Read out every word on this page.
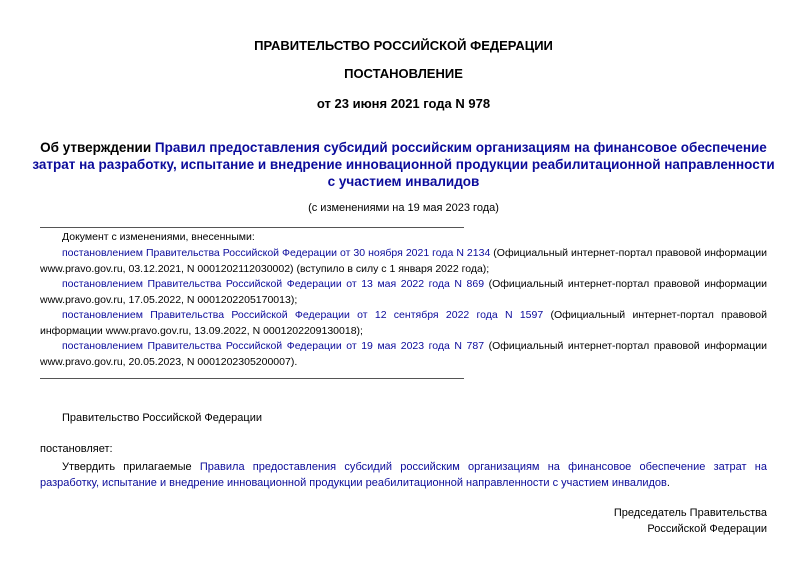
ПРАВИТЕЛЬСТВО РОССИЙСКОЙ ФЕДЕРАЦИИ
ПОСТАНОВЛЕНИЕ
от 23 июня 2021 года N 978
Об утверждении Правил предоставления субсидий российским организациям на финансовое обеспечение затрат на разработку, испытание и внедрение инновационной продукции реабилитационной направленности с участием инвалидов
(с изменениями на 19 мая 2023 года)

Документ с изменениями, внесенными:

постановлением Правительства Российской Федерации от 30 ноября 2021 года N 2134 (Официальный интернет-портал правовой информации www.pravo.gov.ru, 03.12.2021, N 0001202112030002) (вступило в силу с 1 января 2022 года);

постановлением Правительства Российской Федерации от 13 мая 2022 года N 869 (Официальный интернет-портал правовой информации www.pravo.gov.ru, 17.05.2022, N 0001202205170013);

постановлением Правительства Российской Федерации от 12 сентября 2022 года N 1597 (Официальный интернет-портал правовой информации www.pravo.gov.ru, 13.09.2022, N 0001202209130018);

постановлением Правительства Российской Федерации от 19 мая 2023 года N 787 (Официальный интернет-портал правовой информации www.pravo.gov.ru, 20.05.2023, N 0001202305200007).

Правительство Российской Федерации
постановляет:

Утвердить прилагаемые Правила предоставления субсидий российским организациям на финансовое обеспечение затрат на разработку, испытание и внедрение инновационной продукции реабилитационной направленности с участием инвалидов.

Председатель Правительства
Российской Федерации
